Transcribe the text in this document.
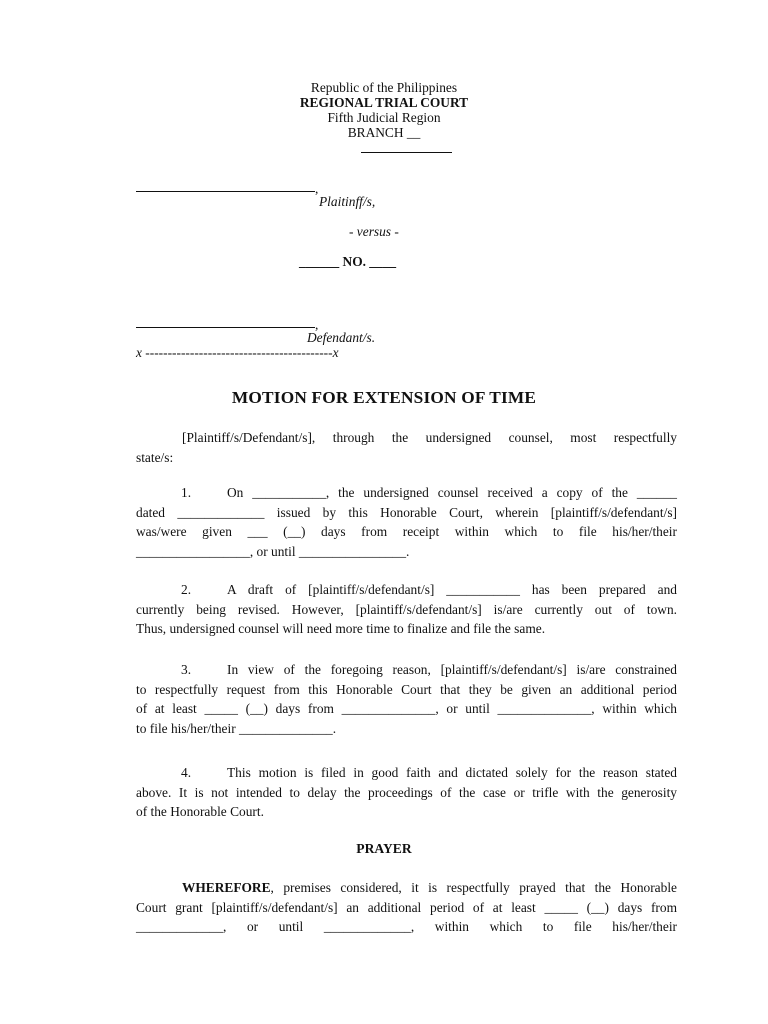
Republic of the Philippines
REGIONAL TRIAL COURT
Fifth Judicial Region
BRANCH __
,
Plaitinff/s,
- versus -
______ NO. ____
,
Defendant/s.
x ------------------------------------------x
MOTION FOR EXTENSION OF TIME
[Plaintiff/s/Defendant/s], through the undersigned counsel, most respectfully
state/s:
1.	On ___________, the undersigned counsel received a copy of the ______
dated _____________ issued by this Honorable Court, wherein [plaintiff/s/defendant/s]
was/were given ___ (__) days from receipt within which to file his/her/their
_________________, or until ________________.
2.	A draft of [plaintiff/s/defendant/s] ___________ has been prepared and
currently being revised. However, [plaintiff/s/defendant/s] is/are currently out of town.
Thus, undersigned counsel will need more time to finalize and file the same.
3.	In view of the foregoing reason, [plaintiff/s/defendant/s] is/are constrained
to respectfully request from this Honorable Court that they be given an additional period
of at least _____ (__) days from ______________, or until ______________, within which
to file his/her/their ______________.
4.	This motion is filed in good faith and dictated solely for the reason stated
above. It is not intended to delay the proceedings of the case or trifle with the generosity
of the Honorable Court.
PRAYER
WHEREFORE, premises considered, it is respectfully prayed that the Honorable
Court grant [plaintiff/s/defendant/s] an additional period of at least _____ (__) days from
_____________, or until _____________, within which to file his/her/their
